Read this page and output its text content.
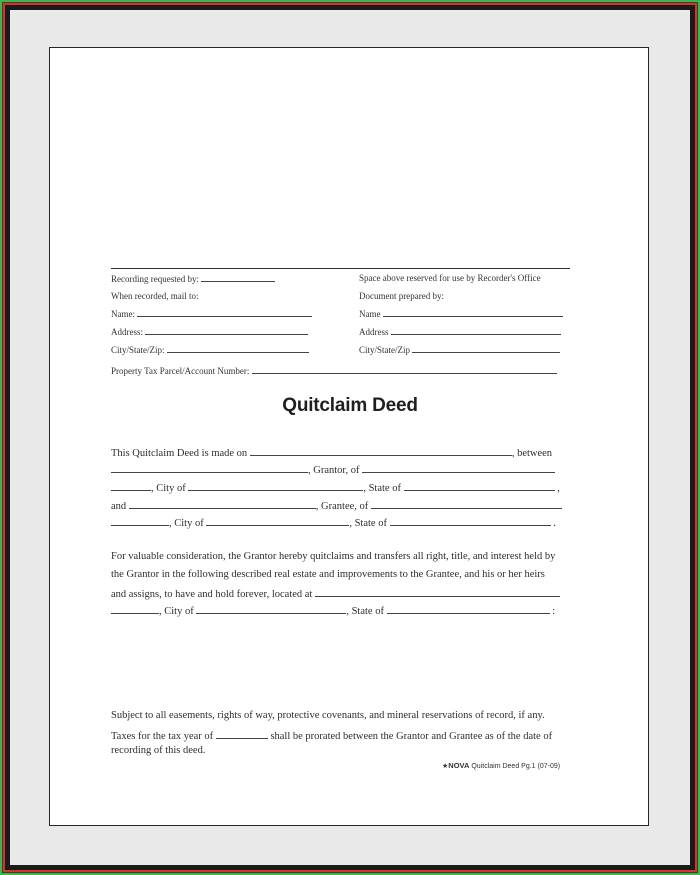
Recording requested by:
When recorded, mail to:
Name:
Address:
City/State/Zip:
Space above reserved for use by Recorder's Office
Document prepared by:
Name
Address
City/State/Zip
Property Tax Parcel/Account Number:
Quitclaim Deed
This Quitclaim Deed is made on	, between
, Grantor, of
, City of	, State of	,
and	, Grantee, of
, City of	, State of	.
For valuable consideration, the Grantor hereby quitclaims and transfers all right, title, and interest held by
the Grantor in the following described real estate and improvements to the Grantee, and his or her heirs
and assigns, to have and hold forever, located at
, City of	, State of	:
Subject to all easements, rights of way, protective covenants, and mineral reservations of record, if any.
Taxes for the tax year of	shall be prorated between the Grantor and Grantee as of the date of
recording of this deed.
★NOVA Quitclaim Deed Pg.1 (07-09)
